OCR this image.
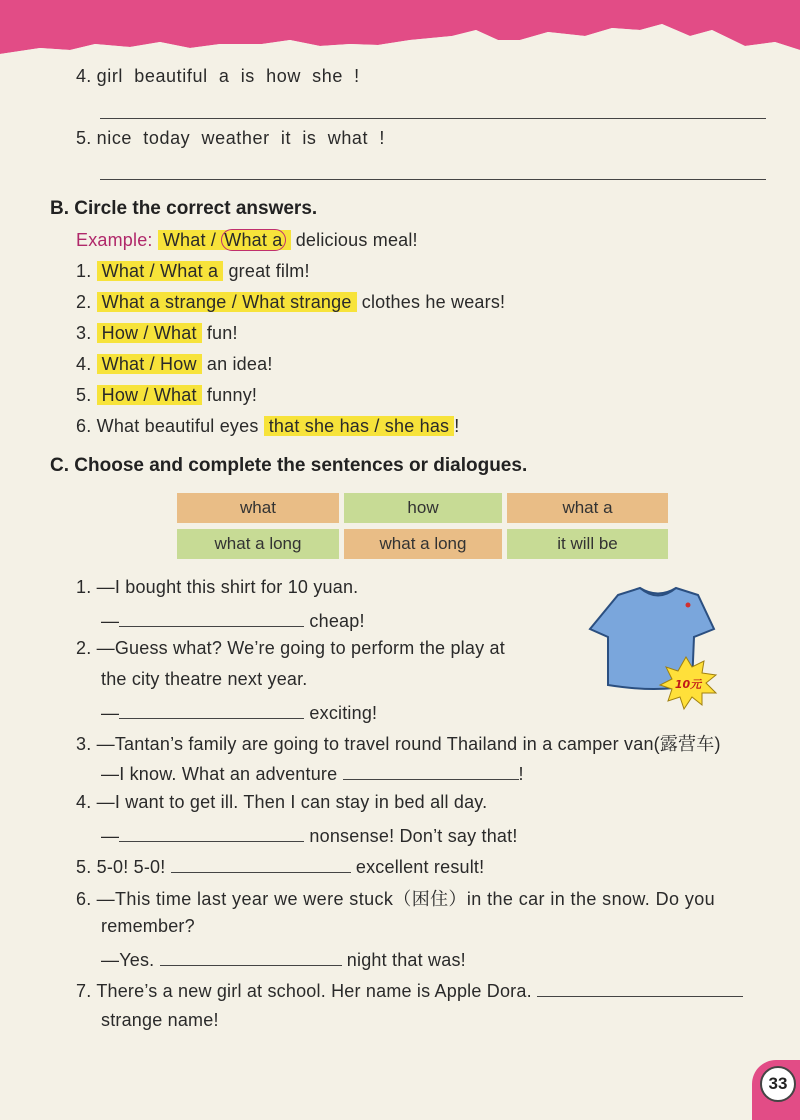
4. girl  beautiful  a  is  how  she  !
5. nice  today  weather  it  is  what  !
B. Circle the correct answers.
Example: What / What a delicious meal!
1. What / What a great film!
2. What a strange / What strange clothes he wears!
3. How / What fun!
4. What / How an idea!
5. How / What funny!
6. What beautiful eyes that she has / she has !
C. Choose and complete the sentences or dialogues.
what	how	what a
what a long	what a long	it will be
1. —I bought this shirt for 10 yuan.
—	cheap!
2. —Guess what? We’re going to perform the play at
the city theatre next year.
—	exciting!
10元
3. —Tantan’s family are going to travel round Thailand in a camper van(露营车)
—I know. What an adventure	!
4. —I want to get ill. Then I can stay in bed all day.
—	nonsense! Don’t say that!
5. 5-0! 5-0!	excellent result!
6. —This time last year we were stuck（困住）in the car in the snow. Do you
remember?
—Yes.	night that was!
7. There’s a new girl at school. Her name is Apple Dora.
strange name!
33
